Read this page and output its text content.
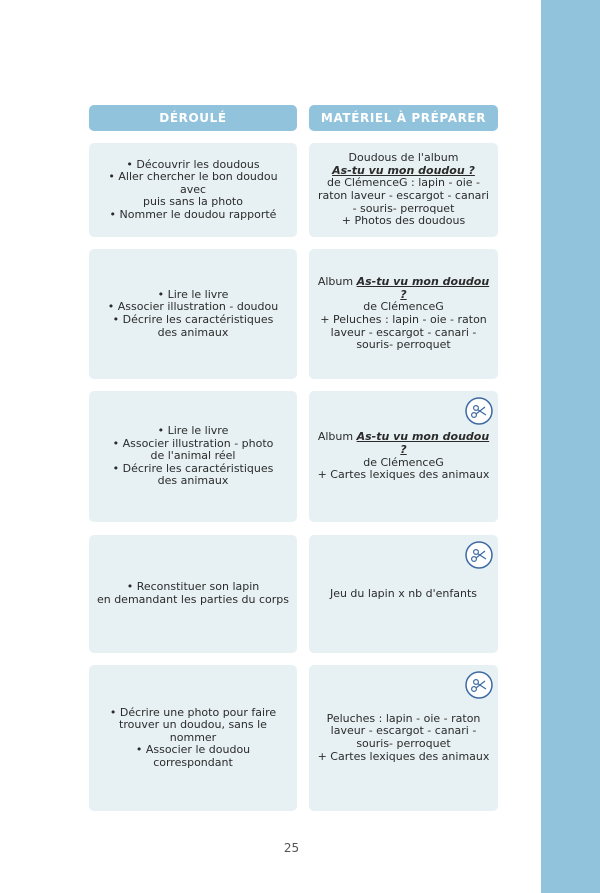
DÉROULÉ	MATÉRIEL À PRÉPARER
• Découvrir les doudous
• Aller chercher le bon doudou avec
puis sans la photo
• Nommer le doudou rapporté
Doudous de l'album
As-tu vu mon doudou ?
de ClémenceG : lapin - oie -
raton laveur - escargot - canari
- souris- perroquet
+ Photos des doudous
• Lire le livre
• Associer illustration - doudou
• Décrire les caractéristiques
des animaux
Album As-tu vu mon doudou ?
de ClémenceG
+ Peluches : lapin - oie - raton
laveur - escargot - canari -
souris- perroquet
• Lire le livre
• Associer illustration - photo
de l'animal réel
• Décrire les caractéristiques
des animaux
Album As-tu vu mon doudou ?
de ClémenceG
+ Cartes lexiques des animaux
• Reconstituer son lapin
en demandant les parties du corps	Jeu du lapin x nb d'enfants
• Décrire une photo pour faire
trouver un doudou, sans le nommer
• Associer le doudou correspondant
Peluches : lapin - oie - raton
laveur - escargot - canari -
souris- perroquet
+ Cartes lexiques des animaux
25
